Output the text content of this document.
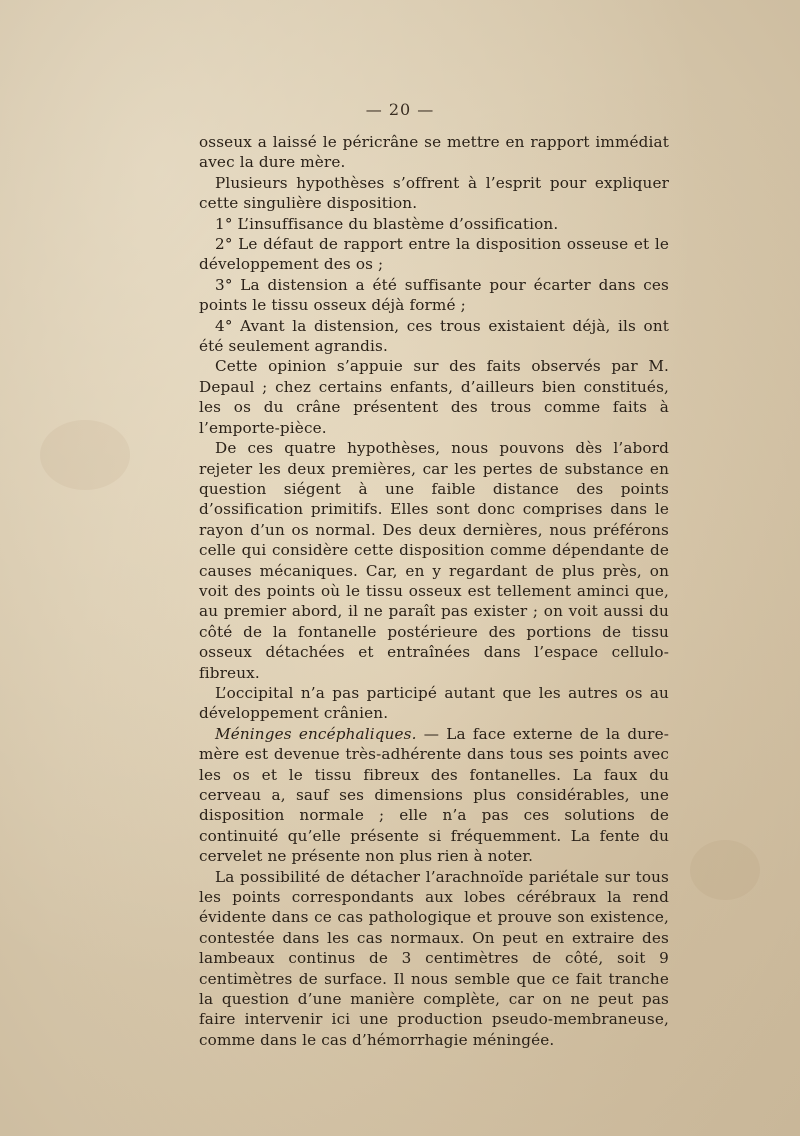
— 20 —

osseux a laissé le péricrâne se mettre en rapport immédiat avec la dure mère.

Plusieurs hypothèses s’offrent à l’esprit pour expliquer cette singulière disposition.

1° L’insuffisance du blastème d’ossification.

2° Le défaut de rapport entre la disposition osseuse et le développement des os ;

3° La distension a été suffisante pour écarter dans ces points le tissu osseux déjà formé ;

4° Avant la distension, ces trous existaient déjà, ils ont été seulement agrandis.

Cette opinion s’appuie sur des faits observés par M. Depaul ; chez certains enfants, d’ailleurs bien constitués, les os du crâne présentent des trous comme faits à l’emporte-pièce.

De ces quatre hypothèses, nous pouvons dès l’abord rejeter les deux premières, car les pertes de substance en question siégent à une faible distance des points d’ossification primitifs. Elles sont donc comprises dans le rayon d’un os normal. Des deux dernières, nous préférons celle qui considère cette disposition comme dépendante de causes mécaniques. Car, en y regardant de plus près, on voit des points où le tissu osseux est tellement aminci que, au premier abord, il ne paraît pas exister ; on voit aussi du côté de la fontanelle postérieure des portions de tissu osseux détachées et entraînées dans l’espace cellulo-fibreux.

L’occipital n’a pas participé autant que les autres os au développement crânien.

Méninges encéphaliques. — La face externe de la dure-mère est devenue très-adhérente dans tous ses points avec les os et le tissu fibreux des fontanelles. La faux du cerveau a, sauf ses dimensions plus considérables, une disposition normale ; elle n’a pas ces solutions de continuité qu’elle présente si fréquemment. La fente du cervelet ne présente non plus rien à noter.

La possibilité de détacher l’arachnoïde pariétale sur tous les points correspondants aux lobes cérébraux la rend évidente dans ce cas pathologique et prouve son existence, contestée dans les cas normaux. On peut en extraire des lambeaux continus de 3 centimètres de côté, soit 9 centimètres de surface. Il nous semble que ce fait tranche la question d’une manière complète, car on ne peut pas faire intervenir ici une production pseudo-membraneuse, comme dans le cas d’hémorrhagie méningée.
